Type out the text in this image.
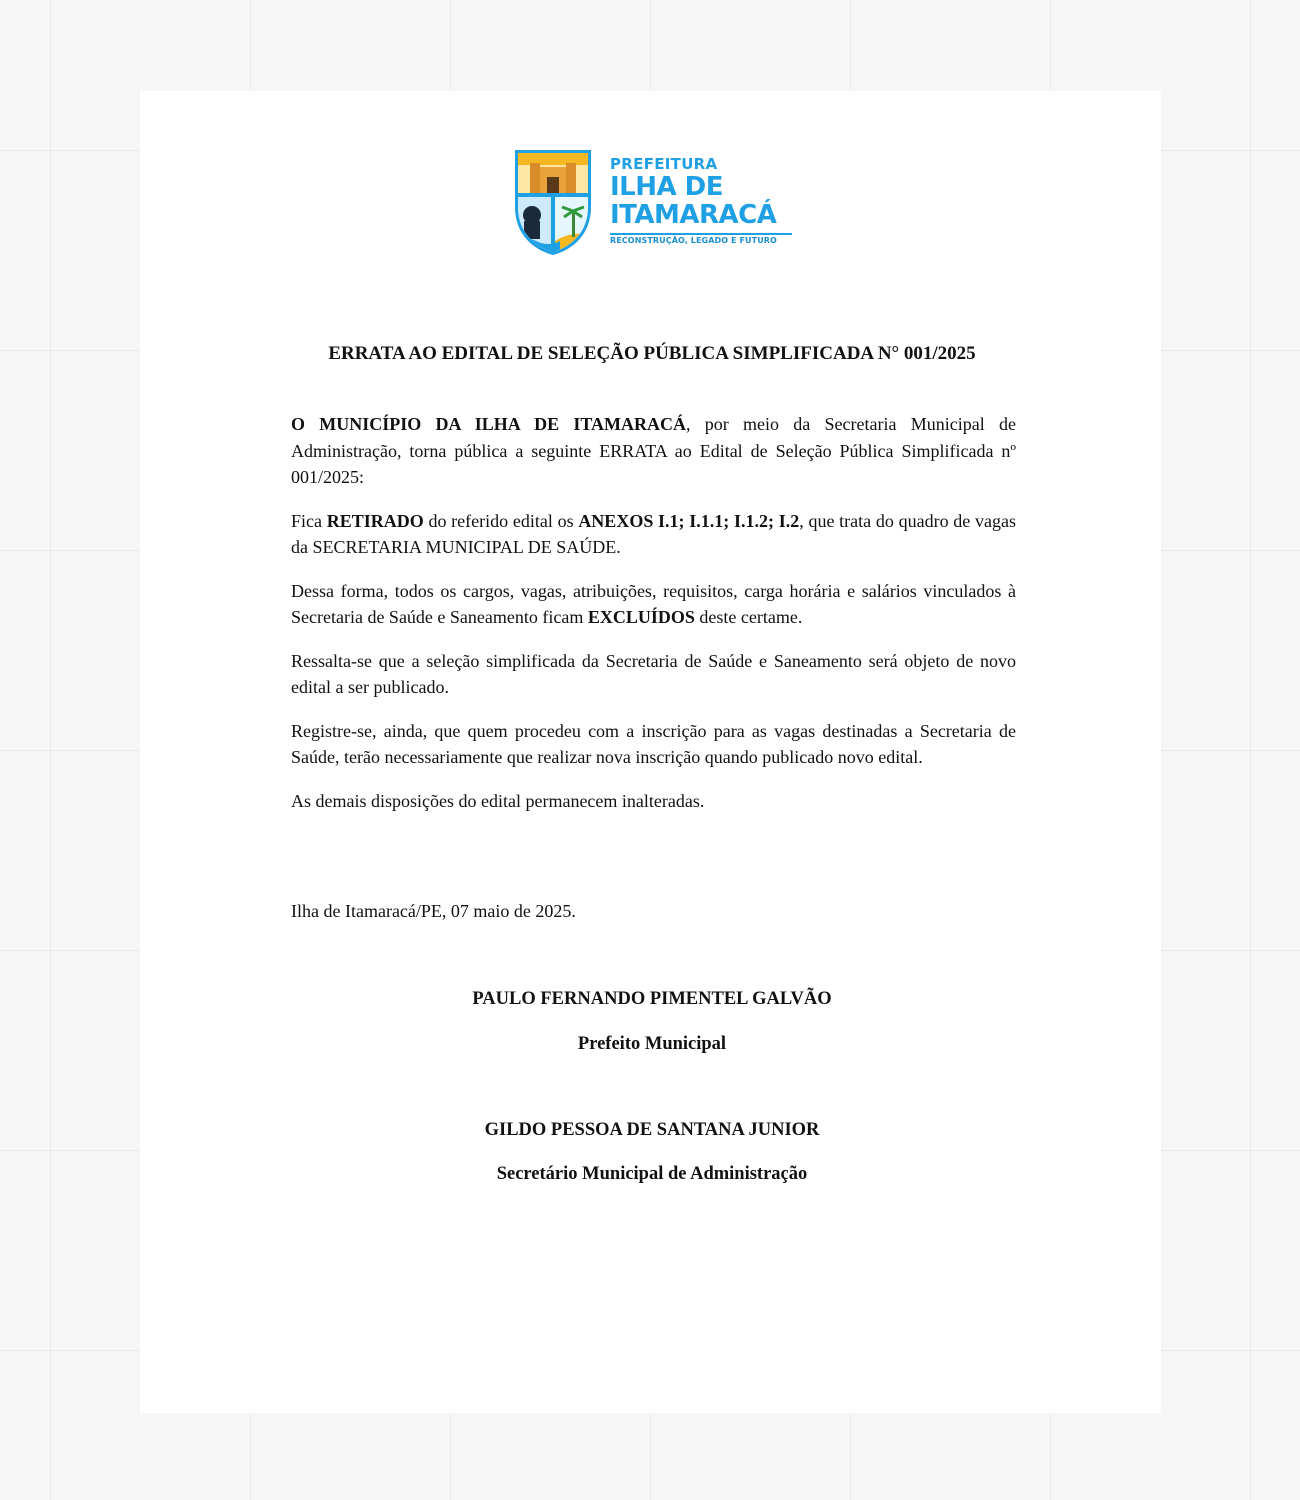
PREFEITURA
ILHA DE
ITAMARACÁ
RECONSTRUÇÃO, LEGADO E FUTURO
ERRATA AO EDITAL DE SELEÇÃO PÚBLICA SIMPLIFICADA N° 001/2025

O MUNICÍPIO DA ILHA DE ITAMARACÁ, por meio da Secretaria Municipal de Administração, torna pública a seguinte ERRATA ao Edital de Seleção Pública Simplificada nº 001/2025:

Fica RETIRADO do referido edital os ANEXOS I.1; I.1.1; I.1.2; I.2, que trata do quadro de vagas da SECRETARIA MUNICIPAL DE SAÚDE.

Dessa forma, todos os cargos, vagas, atribuições, requisitos, carga horária e salários vinculados à Secretaria de Saúde e Saneamento ficam EXCLUÍDOS deste certame.

Ressalta-se que a seleção simplificada da Secretaria de Saúde e Saneamento será objeto de novo edital a ser publicado.

Registre-se, ainda, que quem procedeu com a inscrição para as vagas destinadas a Secretaria de Saúde, terão necessariamente que realizar nova inscrição quando publicado novo edital.

As demais disposições do edital permanecem inalteradas.

Ilha de Itamaracá/PE, 07 maio de 2025.
PAULO FERNANDO PIMENTEL GALVÃO
Prefeito Municipal
GILDO PESSOA DE SANTANA JUNIOR
Secretário Municipal de Administração
